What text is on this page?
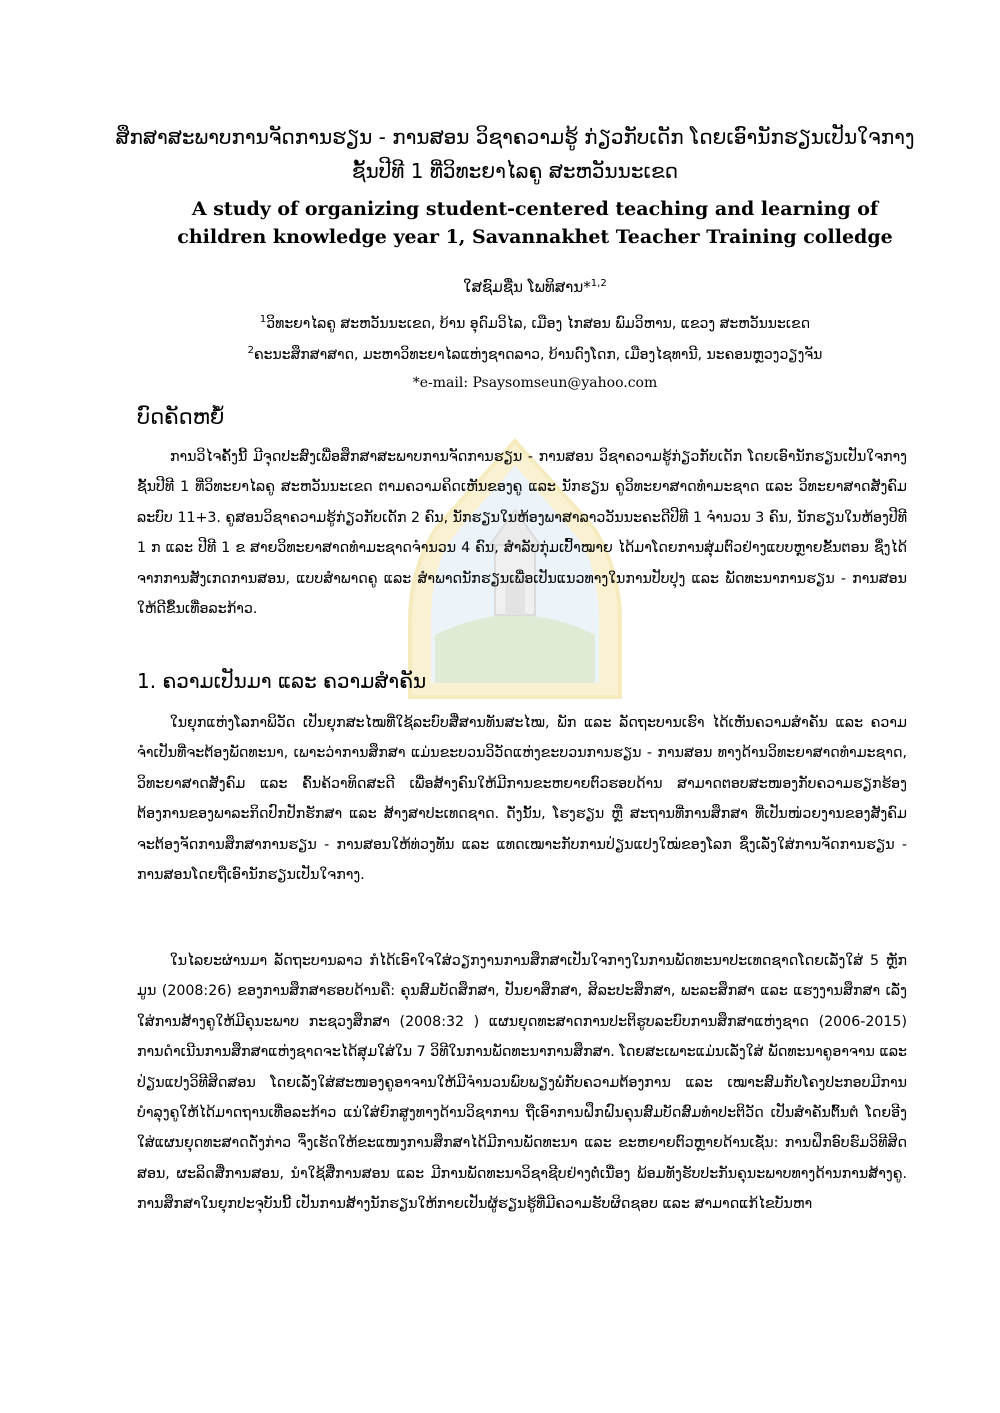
ສຶກສາສະພາບການຈັດການຮຽນ - ການສອນ ວິຊາຄວາມຮູ້ ກ່ຽວກັບເດັກ ໂດຍເອົານັກຮຽນເປັນໃຈກາງ ຊັ້ນປີທີ 1 ທີ່ວິທະຍາໄລຄູ ສະຫວັນນະເຂດ
A study of organizing student-centered teaching and learning of children knowledge year 1, Savannakhet Teacher Training colledge
ໃສຊົມຊື່ນ ໂພທິສານ*$^{1,2}$
$^1$ວິທະຍາໄລຄູ ສະຫວັນນະເຂດ, ບ້ານ ອຸດົມວິໄລ, ເມືອງ ໄກສອນ ພົມວິຫານ, ແຂວງ ສະຫວັນນະເຂດ
$^2$ຄະນະສຶກສາສາດ, ມະຫາວິທະຍາໄລແຫ່ງຊາດລາວ, ບ້ານດົງໂດກ, ເມືອງໄຊທານີ, ນະຄອນຫຼວງວຽງຈັນ
*e-mail: Psaysomseun@yahoo.com
ບົດຄັດຫຍໍ້
ການວິໄຈຄັ້ງນີ້ ມີຈຸດປະສົງເພື່ອສຶກສາສະພາບການຈັດການຮຽນ - ການສອນ ວິຊາຄວາມຮູ້ກ່ຽວກັບເດັກ ໂດຍເອົານັກຮຽນເປັນໃຈກາງ ຊັ້ນປີທີ 1 ທີ່ວິທະຍາໄລຄູ ສະຫວັນນະເຂດ ຕາມຄວາມຄິດເຫັນຂອງຄູ ແລະ ນັກຮຽນ ຄູວິທະຍາສາດທຳມະຊາດ ແລະ ວິທະຍາສາດສັງຄົມ ລະບົບ 11+3. ຄູສອນວິຊາຄວາມຮູ້ກ່ຽວກັບເດັກ 2 ຄົນ, ນັກຮຽນໃນຫ້ອງພາສາລາວວັນນະຄະດີປີທີ 1 ຈຳນວນ 3 ຄົນ, ນັກຮຽນໃນຫ້ອງປີທີ 1 ກ ແລະ ປີທີ 1 ຂ ສາຍວິທະຍາສາດທຳມະຊາດຈຳນວນ 4 ຄົນ, ສຳລັບກຸ່ມເປົ້າໝາຍ ໄດ້ມາໂດຍການສຸ່ມຕົວຢ່າງແບບຫຼາຍຂັ້ນຕອນ ຊຶ່ງໄດ້ຈາກການສັງເກດການສອນ, ແບບສຳພາດຄູ ແລະ ສຳພາດນັກຮຽນເພື່ອເປັນແນວທາງໃນການປັບປຸງ ແລະ ພັດທະນາການຮຽນ - ການສອນ ໃຫ້ດີຂຶ້ນເທື່ອລະກ້າວ.
1. ຄວາມເປັນມາ ແລະ ຄວາມສຳຄັນ
ໃນຍຸກແຫ່ງໂລກາພິວັດ ເປັນຍຸກສະໄໝທີ່ໃຊ້ລະບົບສື່ສານທັນສະໄໝ, ພັກ ແລະ ລັດຖະບານເຮົາ ໄດ້ເຫັນຄວາມສຳຄັນ ແລະ ຄວາມຈຳເປັນທີ່ຈະຕ້ອງພັດທະນາ, ເພາະວ່າການສຶກສາ ແມ່ນຂະບວນວິວັດແຫ່ງຂະບວນການຮຽນ - ການສອນ ທາງດ້ານວິທະຍາສາດທຳມະຊາດ, ວິທະຍາສາດສັງຄົມ ແລະ ຄົ້ນຄ້ວາທິດສະດີ ເພື່ອສ້າງຄົນໃຫ້ມີການຂະຫຍາຍຕົວຮອບດ້ານ ສາມາດຕອບສະໜອງກັບຄວາມຮຽກຮ້ອງຕ້ອງການຂອງພາລະກິດປົກປັກຮັກສາ ແລະ ສ້າງສາປະເທດຊາດ. ດັ່ງນັ້ນ, ໂຮງຮຽນ ຫຼື ສະຖານທີ່ການສຶກສາ ທີ່ເປັນໜ່ວຍງານຂອງສັງຄົມຈະຕ້ອງຈັດການສຶກສາການຮຽນ - ການສອນໃຫ້ທ່ວງທັນ ແລະ ແທດເໝາະກັບການປ່ຽນແປງໃໝ່ຂອງໂລກ ຊຶ່ງເລັ່ງໃສ່ການຈັດການຮຽນ - ການສອນໂດຍຖືເອົານັກຮຽນເປັນໃຈກາງ.
ໃນໄລຍະຜ່ານມາ ລັດຖະບານລາວ ກໍໄດ້ເອົາໃຈໃສ່ວຽກງານການສຶກສາເປັນໃຈກາງໃນການພັດທະນາປະເທດຊາດໂດຍເລັ່ງໃສ່ 5 ຫຼັກມູນ (2008:26) ຂອງການສຶກສາຮອບດ້ານຄື: ຄຸນສົມບັດສຶກສາ, ປັນຍາສຶກສາ, ສິລະປະສຶກສາ, ພະລະສຶກສາ ແລະ ແຮງງານສຶກສາ ເລັ່ງໃສ່ການສ້າງຄູໃຫ້ມີຄຸນະພາບ ກະຊວງສຶກສາ (2008:32 ) ແຜນຍຸດທະສາດການປະຕິຮູບລະບົບການສຶກສາແຫ່ງຊາດ (2006-2015) ການດຳເນີນການສຶກສາແຫ່ງຊາດຈະໄດ້ສຸມໃສ່ໃນ 7 ວິທີໃນການພັດທະນາການສຶກສາ. ໂດຍສະເພາະແມ່ນເລັ່ງໃສ່ ພັດທະນາຄູອາຈານ ແລະ ປ່ຽນແປງວິທີສິດສອນ ໂດຍເລັ່ງໃສ່ສະໜອງຄູອາຈານໃຫ້ມີຈຳນວນພົບພຽງພໍກັບຄວາມຕ້ອງການ ແລະ ເໝາະສົມກັບໂຄງປະກອບມີການບຳລຸງຄູໃຫ້ໄດ້ມາດຖານເທື່ອລະກ້າວ ແນ່ໃສ່ຍົກສູງທາງດ້ານວິຊາການ ຖືເອົາການຝຶກຝົນຄຸນສົມບັດສົມທຳປະຕິວັດ ເປັນສຳຄັນຕົ້ນຕໍ ໂດຍອີງໃສ່ແຜນຍຸດທະສາດດັ່ງກ່າວ ຈຶ່ງເຮັດໃຫ້ຂະແໜງການສຶກສາໄດ້ມີການພັດທະນາ ແລະ ຂະຫຍາຍຕົວຫຼາຍດ້ານເຊັ່ນ: ການຝຶກອົບຮົມວິທີສິດສອນ, ຜະລິດສື່ການສອນ, ນຳໃຊ້ສື່ການສອນ ແລະ ມີການພັດທະນາວິຊາຊີບຢ່າງຕໍ່ເນື່ອງ ພ້ອມທັງຮັບປະກັນຄຸນະພາບທາງດ້ານການສ້າງຄູ. ການສຶກສາໃນຍຸກປະຈຸບັນນີ້ ເປັນການສ້າງນັກຮຽນໃຫ້ກາຍເປັນຜູ້ຮຽນຮູ້ທີ່ມີຄວາມຮັບຜິດຊອບ ແລະ ສາມາດແກ້ໄຂບັນຫາ
